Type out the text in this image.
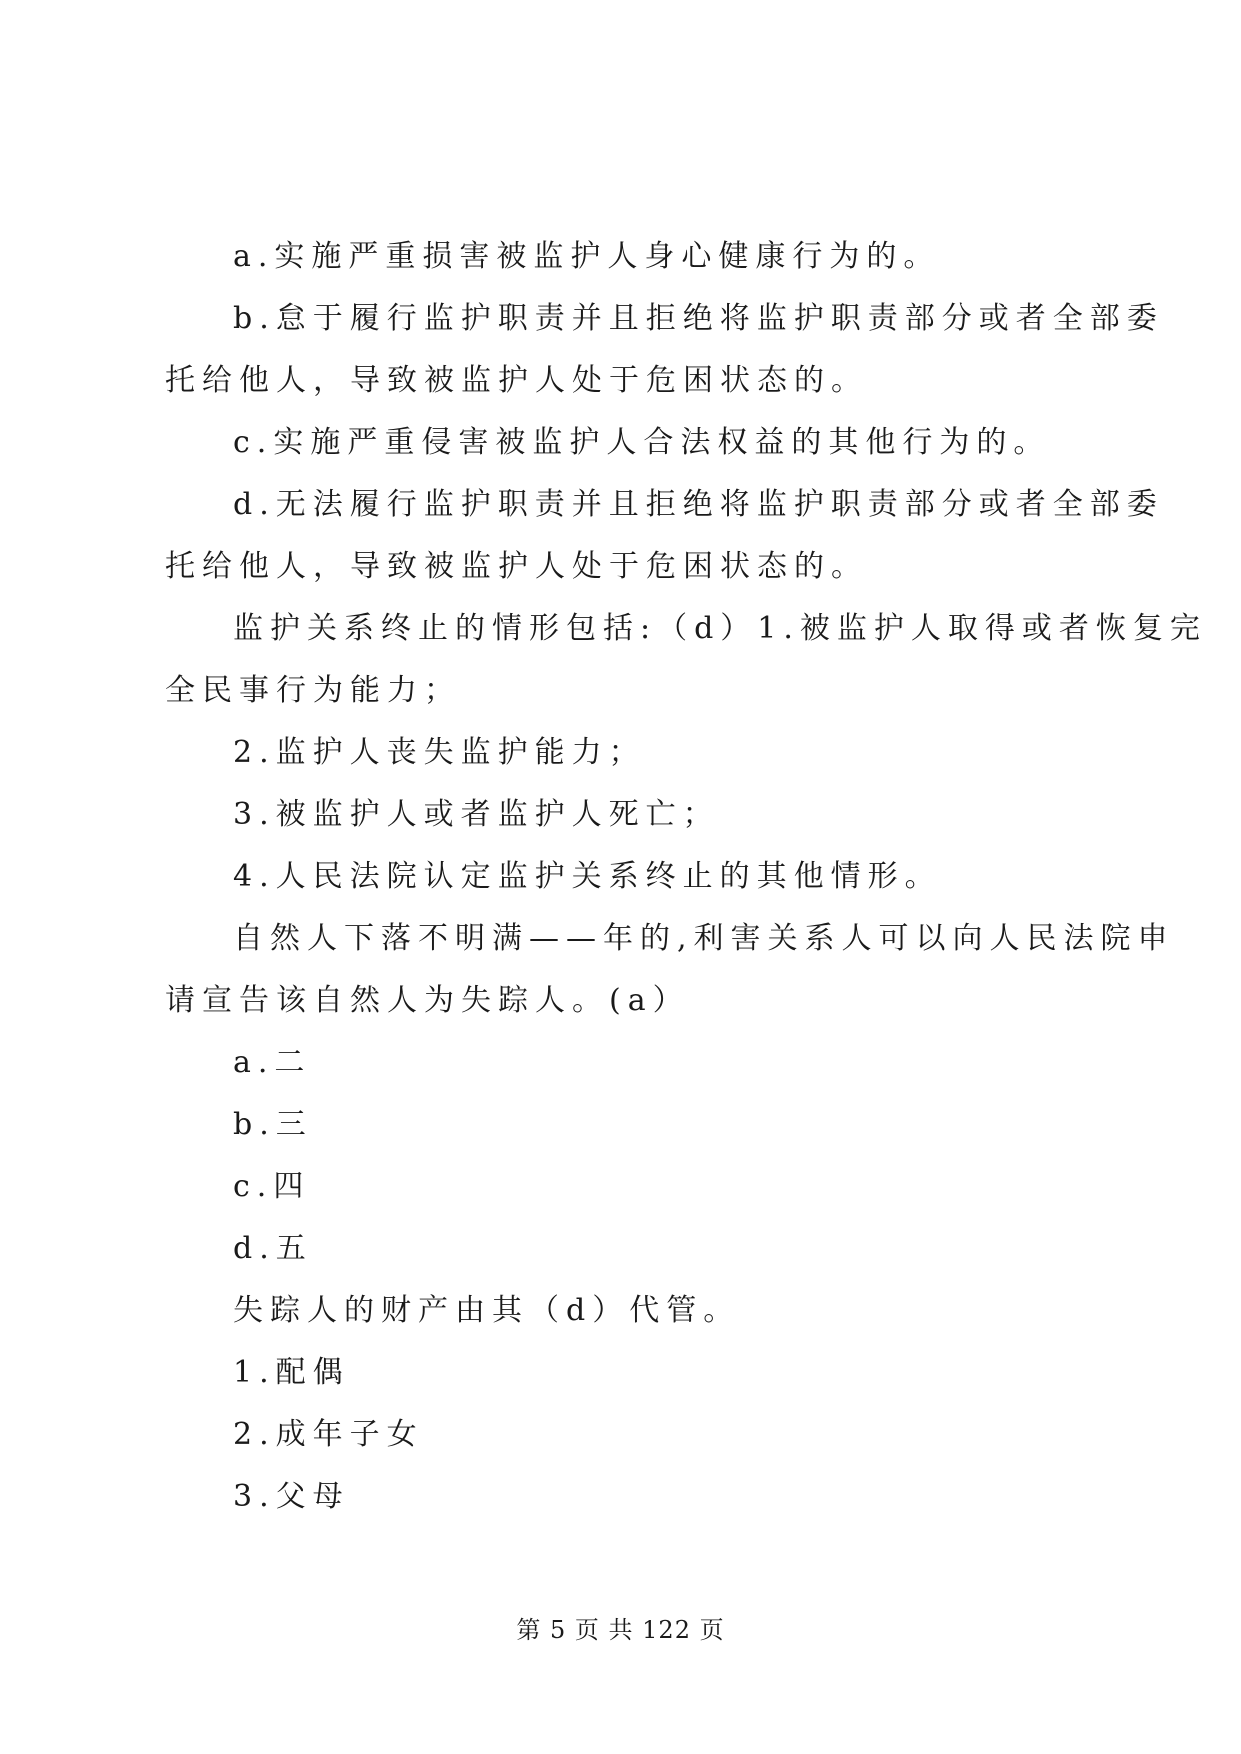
a.实施严重损害被监护人身心健康行为的。

b.怠于履行监护职责并且拒绝将监护职责部分或者全部委

托给他人，导致被监护人处于危困状态的。

c.实施严重侵害被监护人合法权益的其他行为的。

d.无法履行监护职责并且拒绝将监护职责部分或者全部委

托给他人，导致被监护人处于危困状态的。

监护关系终止的情形包括:（d）1.被监护人取得或者恢复完

全民事行为能力；

2.监护人丧失监护能力；

3.被监护人或者监护人死亡；

4.人民法院认定监护关系终止的其他情形。

自然人下落不明满——年的,利害关系人可以向人民法院申

请宣告该自然人为失踪人。(a）

a.二

b.三

c.四

d.五

失踪人的财产由其（d）代管。

1.配偶

2.成年子女

3.父母

第 5 页 共 122 页
